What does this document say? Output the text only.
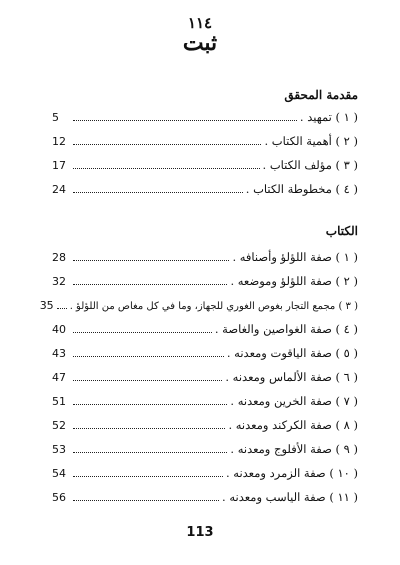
١١٤
ثبت
مقدمة المحقق
( ١ ) تمهيد .
5
( ٢ ) أهمية الكتاب .
12
( ٣ ) مؤلف الكتاب .
17
( ٤ ) مخطوطة الكتاب .
24
الكتاب
( ١ ) صفة اللؤلؤ وأصنافه .
28
( ٢ ) صفة اللؤلؤ وموضعه .
32
( ٣ ) مجمع التجار بغوص الغوري للجهاز، وما في كل مغاص من اللؤلؤ .
35
( ٤ ) صفة الغواصين والغاصة .
40
( ٥ ) صفة الياقوت ومعدنه .
43
( ٦ ) صفة الألماس ومعدنه .
47
( ٧ ) صفة الخرين ومعدنه .
51
( ٨ ) صفة الكركند ومعدنه .
52
( ٩ ) صفة الأفلوج ومعدنه .
53
( ١٠ ) صفة الزمرد ومعدنه .
54
( ١١ ) صفة الياسب ومعدنه .
56
113
